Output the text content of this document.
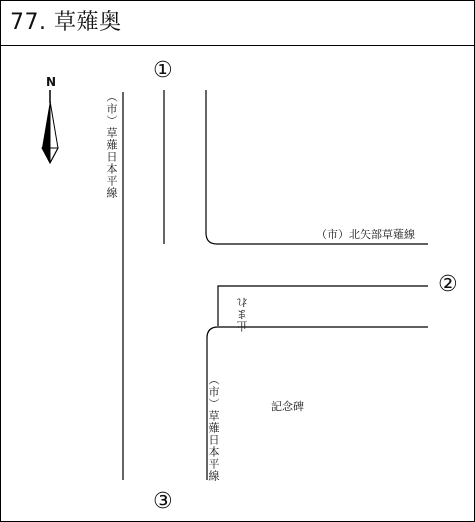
77. 草薙奥
N	①
②
③
（市）草薙日本平線
（市）草薙日本平線
（市）北矢部草薙線
止まれ
記念碑
